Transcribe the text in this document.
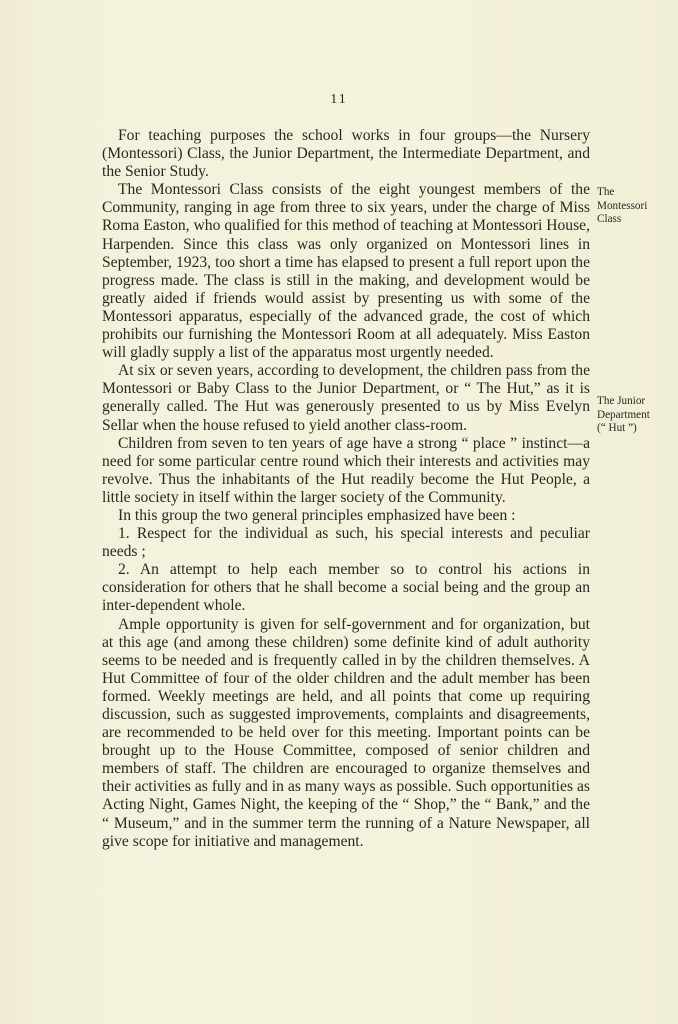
11

For teaching purposes the school works in four groups—the Nursery (Montessori) Class, the Junior Department, the Intermediate Department, and the Senior Study.

The Montessori Class consists of the eight youngest members of the Community, ranging in age from three to six years, under the charge of Miss Roma Easton, who qualified for this method of teaching at Montessori House, Harpenden. Since this class was only organized on Montessori lines in September, 1923, too short a time has elapsed to present a full report upon the progress made. The class is still in the making, and development would be greatly aided if friends would assist by presenting us with some of the Montessori apparatus, especially of the advanced grade, the cost of which prohibits our furnishing the Montessori Room at all adequately. Miss Easton will gladly supply a list of the apparatus most urgently needed.

At six or seven years, according to development, the children pass from the Montessori or Baby Class to the Junior Department, or “ The Hut,” as it is generally called. The Hut was generously presented to us by Miss Evelyn Sellar when the house refused to yield another class-room.

Children from seven to ten years of age have a strong “ place ” instinct—a need for some particular centre round which their interests and activities may revolve. Thus the inhabitants of the Hut readily become the Hut People, a little society in itself within the larger society of the Community.

In this group the two general principles emphasized have been :

1. Respect for the individual as such, his special interests and peculiar needs ;

2. An attempt to help each member so to control his actions in consideration for others that he shall become a social being and the group an inter-dependent whole.

Ample opportunity is given for self-government and for organization, but at this age (and among these children) some definite kind of adult authority seems to be needed and is frequently called in by the children themselves. A Hut Committee of four of the older children and the adult member has been formed. Weekly meetings are held, and all points that come up requiring discussion, such as suggested improvements, complaints and disagreements, are recommended to be held over for this meeting. Important points can be brought up to the House Committee, composed of senior children and members of staff. The children are encouraged to organize themselves and their activities as fully and in as many ways as possible. Such opportunities as Acting Night, Games Night, the keeping of the “ Shop,” the “ Bank,” and the “ Museum,” and in the summer term the running of a Nature Newspaper, all give scope for initiative and management.

The
Montessori
Class
The Junior
Department
(“ Hut ”)
